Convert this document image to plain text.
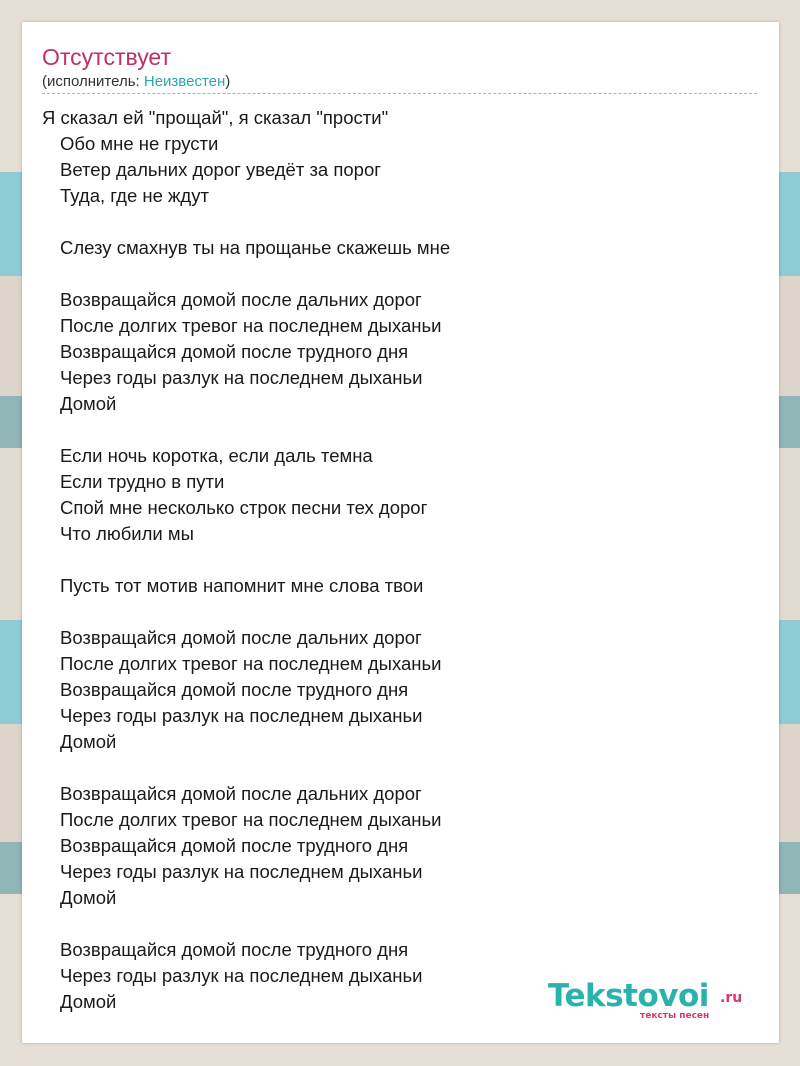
Отсутствует
(исполнитель: Неизвестен)
Я сказал ей "прощай", я сказал "прости"
Обо мне не грусти
Ветер дальних дорог уведёт за порог
Туда, где не ждут
Слезу смахнув ты на прощанье скажешь мне
Возвращайся домой после дальних дорог
После долгих тревог на последнем дыханьи
Возвращайся домой после трудного дня
Через годы разлук на последнем дыханьи
Домой
Если ночь коротка, если даль темна
Если трудно в пути
Спой мне несколько строк песни тех дорог
Что любили мы
Пусть тот мотив напомнит мне слова твои
Возвращайся домой после дальних дорог
После долгих тревог на последнем дыханьи
Возвращайся домой после трудного дня
Через годы разлук на последнем дыханьи
Домой
Возвращайся домой после дальних дорог
После долгих тревог на последнем дыханьи
Возвращайся домой после трудного дня
Через годы разлук на последнем дыханьи
Домой
Возвращайся домой после трудного дня
Через годы разлук на последнем дыханьи
Домой	Tekstovoi .ru
тексты песен
